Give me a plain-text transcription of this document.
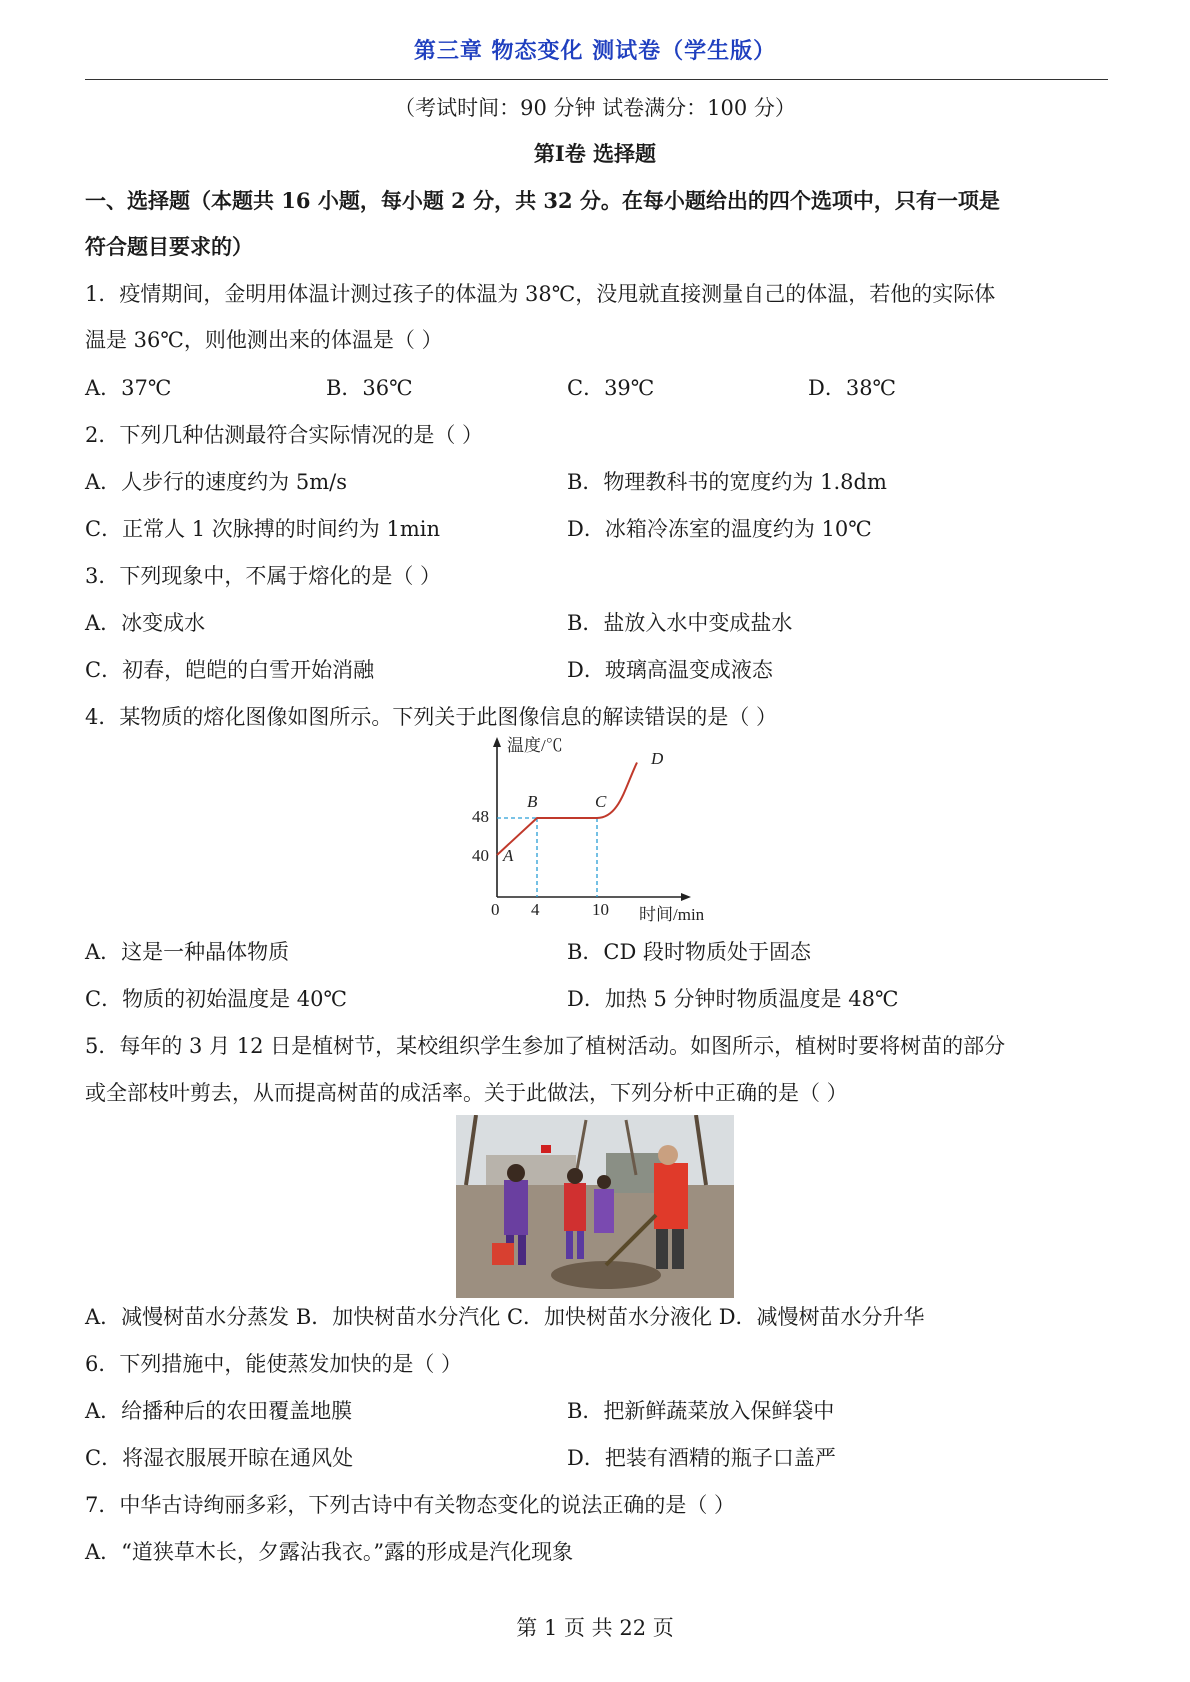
第三章 物态变化 测试卷（学生版）
（考试时间：90 分钟 试卷满分：100 分）
第Ⅰ卷 选择题
一、选择题（本题共 16 小题，每小题 2 分，共 32 分。在每小题给出的四个选项中，只有一项是
符合题目要求的）
1．疫情期间，金明用体温计测过孩子的体温为 38℃，没甩就直接测量自己的体温，若他的实际体
温是 36℃，则他测出来的体温是（ ）
A．37℃	B．36℃	C．39℃	D．38℃
2．下列几种估测最符合实际情况的是（ ）
A．人步行的速度约为 5m/s	B．物理教科书的宽度约为 1.8dm
C．正常人 1 次脉搏的时间约为 1min	D．冰箱冷冻室的温度约为 10℃
3．下列现象中，不属于熔化的是（ ）
A．冰变成水	B．盐放入水中变成盐水
C．初春，皑皑的白雪开始消融	D．玻璃高温变成液态
4．某物质的熔化图像如图所示。下列关于此图像信息的解读错误的是（ ）
温度/℃
时间/min
48
40
0 4	10
A
B	C
D
A．这是一种晶体物质	B．CD 段时物质处于固态
C．物质的初始温度是 40℃	D．加热 5 分钟时物质温度是 48℃
5．每年的 3 月 12 日是植树节，某校组织学生参加了植树活动。如图所示，植树时要将树苗的部分
或全部枝叶剪去，从而提高树苗的成活率。关于此做法，下列分析中正确的是（ ）
A．减慢树苗水分蒸发 B．加快树苗水分汽化 C．加快树苗水分液化 D．减慢树苗水分升华
6．下列措施中，能使蒸发加快的是（ ）
A．给播种后的农田覆盖地膜	B．把新鲜蔬菜放入保鲜袋中
C．将湿衣服展开晾在通风处	D．把装有酒精的瓶子口盖严
7．中华古诗绚丽多彩，下列古诗中有关物态变化的说法正确的是（ ）
A．“道狭草木长，夕露沾我衣。”露的形成是汽化现象
第 1 页 共 22 页
